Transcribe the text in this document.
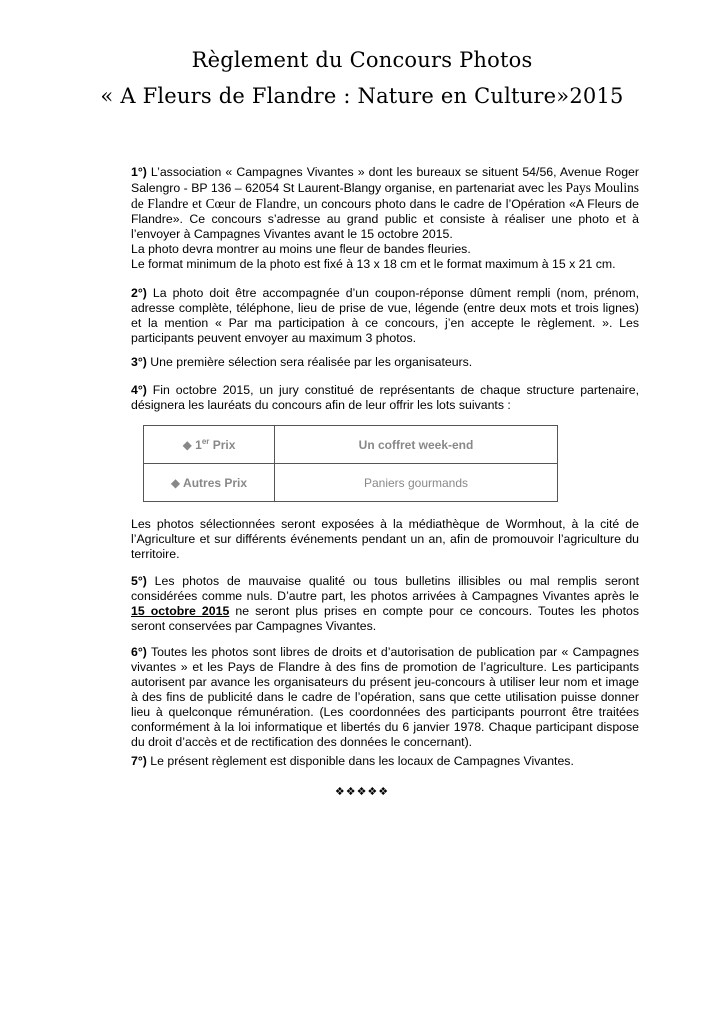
Règlement du Concours Photos
« A Fleurs de Flandre : Nature en Culture»2015
1°) L’association « Campagnes Vivantes » dont les bureaux se situent 54/56, Avenue Roger Salengro - BP 136 – 62054 St Laurent-Blangy organise, en partenariat avec les Pays Moulins de Flandre et Cœur de Flandre, un concours photo dans le cadre de l’Opération «A Fleurs de Flandre». Ce concours s’adresse au grand public et consiste à réaliser une photo et à l’envoyer à Campagnes Vivantes avant le 15 octobre 2015.
La photo devra montrer au moins une fleur de bandes fleuries.
Le format minimum de la photo est fixé à 13 x 18 cm et le format maximum à 15 x 21 cm.
2°) La photo doit être accompagnée d’un coupon-réponse dûment rempli (nom, prénom, adresse complète, téléphone, lieu de prise de vue, légende (entre deux mots et trois lignes) et la mention « Par ma participation à ce concours, j’en accepte le règlement. ». Les participants peuvent envoyer au maximum 3 photos.
3°) Une première sélection sera réalisée par les organisateurs.
4°) Fin octobre 2015, un jury constitué de représentants de chaque structure partenaire, désignera les lauréats du concours afin de leur offrir les lots suivants :
◆ 1er Prix	Un coffret week-end
◆ Autres Prix	Paniers gourmands
Les photos sélectionnées seront exposées à la médiathèque de Wormhout, à la cité de l’Agriculture et sur différents événements pendant un an, afin de promouvoir l’agriculture du territoire.
5°) Les photos de mauvaise qualité ou tous bulletins illisibles ou mal remplis seront considérées comme nuls. D’autre part, les photos arrivées à Campagnes Vivantes après le 15 octobre 2015 ne seront plus prises en compte pour ce concours. Toutes les photos seront conservées par Campagnes Vivantes.
6°) Toutes les photos sont libres de droits et d’autorisation de publication par « Campagnes vivantes » et les Pays de Flandre à des fins de promotion de l’agriculture. Les participants autorisent par avance les organisateurs du présent jeu-concours à utiliser leur nom et image à des fins de publicité dans le cadre de l’opération, sans que cette utilisation puisse donner lieu à quelconque rémunération. (Les coordonnées des participants pourront être traitées conformément à la loi informatique et libertés du 6 janvier 1978. Chaque participant dispose du droit d’accès et de rectification des données le concernant).
7°) Le présent règlement est disponible dans les locaux de Campagnes Vivantes.
❖❖❖❖❖
